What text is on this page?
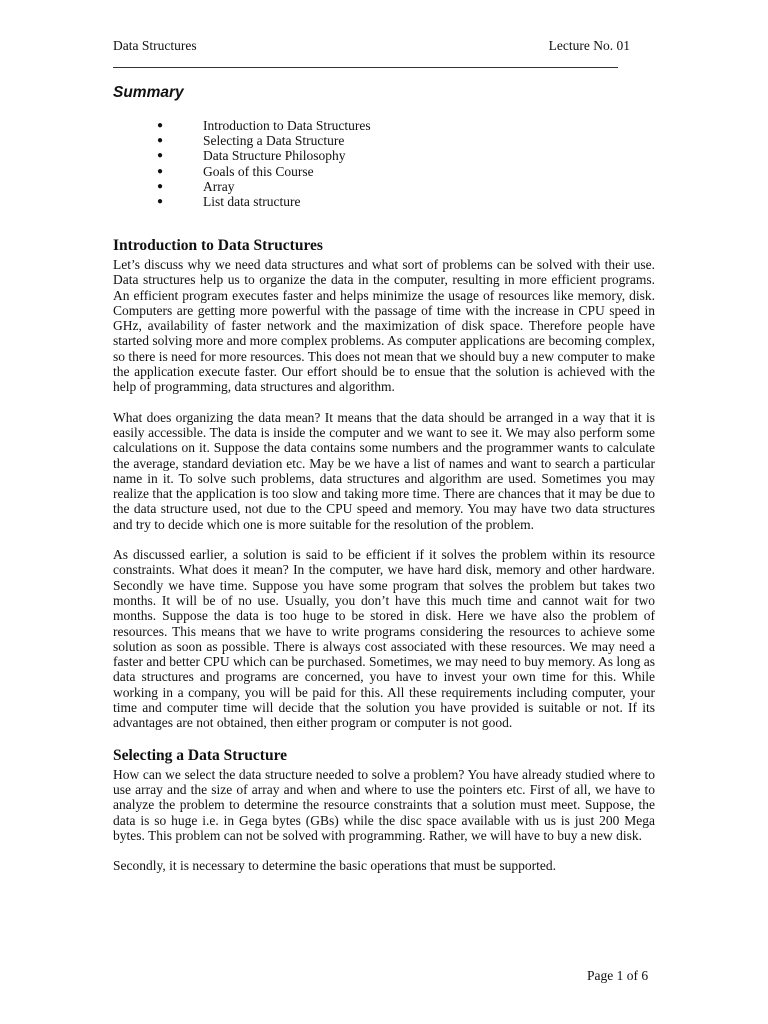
Data Structures	Lecture No. 01
Summary
●	Introduction to Data Structures
●	Selecting a Data Structure
●	Data Structure Philosophy
●	Goals of this Course
●	Array
●	List data structure
Introduction to Data Structures

Let’s discuss why we need data structures and what sort of problems can be solved with their use. Data structures help us to organize the data in the computer, resulting in more efficient programs. An efficient program executes faster and helps minimize the usage of resources like memory, disk. Computers are getting more powerful with the passage of time with the increase in CPU speed in GHz, availability of faster network and the maximization of disk space. Therefore people have started solving more and more complex problems. As computer applications are becoming complex, so there is need for more resources. This does not mean that we should buy a new computer to make the application execute faster. Our effort should be to ensue that the solution is achieved with the help of programming, data structures and algorithm.

What does organizing the data mean? It means that the data should be arranged in a way that it is easily accessible. The data is inside the computer and we want to see it. We may also perform some calculations on it. Suppose the data contains some numbers and the programmer wants to calculate the average, standard deviation etc. May be we have a list of names and want to search a particular name in it. To solve such problems, data structures and algorithm are used. Sometimes you may realize that the application is too slow and taking more time. There are chances that it may be due to the data structure used, not due to the CPU speed and memory. You may have two data structures and try to decide which one is more suitable for the resolution of the problem.

As discussed earlier, a solution is said to be efficient if it solves the problem within its resource constraints. What does it mean? In the computer, we have hard disk, memory and other hardware. Secondly we have time. Suppose you have some program that solves the problem but takes two months. It will be of no use. Usually, you don’t have this much time and cannot wait for two months. Suppose the data is too huge to be stored in disk. Here we have also the problem of resources. This means that we have to write programs considering the resources to achieve some solution as soon as possible. There is always cost associated with these resources. We may need a faster and better CPU which can be purchased. Sometimes, we may need to buy memory. As long as data structures and programs are concerned, you have to invest your own time for this. While working in a company, you will be paid for this. All these requirements including computer, your time and computer time will decide that the solution you have provided is suitable or not. If its advantages are not obtained, then either program or computer is not good.

Selecting a Data Structure

How can we select the data structure needed to solve a problem? You have already studied where to use array and the size of array and when and where to use the pointers etc. First of all, we have to analyze the problem to determine the resource constraints that a solution must meet. Suppose, the data is so huge i.e. in Gega bytes (GBs) while the disc space available with us is just 200 Mega bytes. This problem can not be solved with programming. Rather, we will have to buy a new disk.

Secondly, it is necessary to determine the basic operations that must be supported.

Page 1 of 6
